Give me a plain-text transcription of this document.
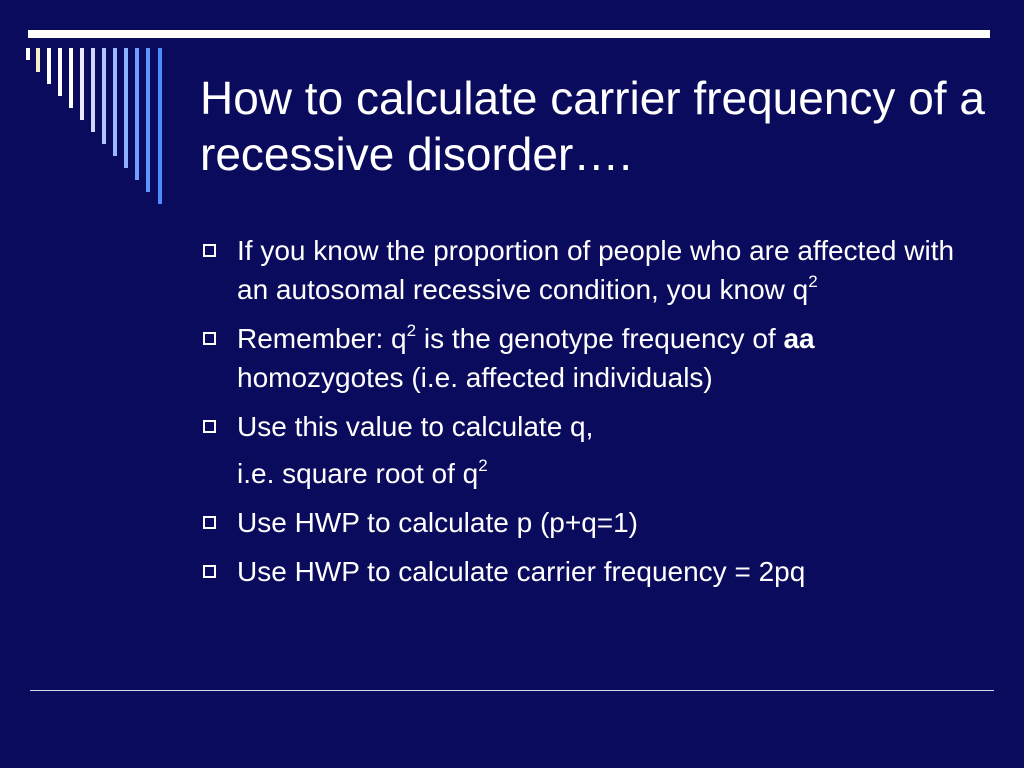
How to calculate carrier frequency of a recessive disorder….
If you know the proportion of people who are affected with an autosomal recessive condition, you know $q^2$
Remember: $q^2$ is the genotype frequency of aa homozygotes (i.e. affected individuals)
Use this value to calculate q,
i.e. square root of $q^2$
Use HWP to calculate p (p+q=1)
Use HWP to calculate carrier frequency = 2pq
